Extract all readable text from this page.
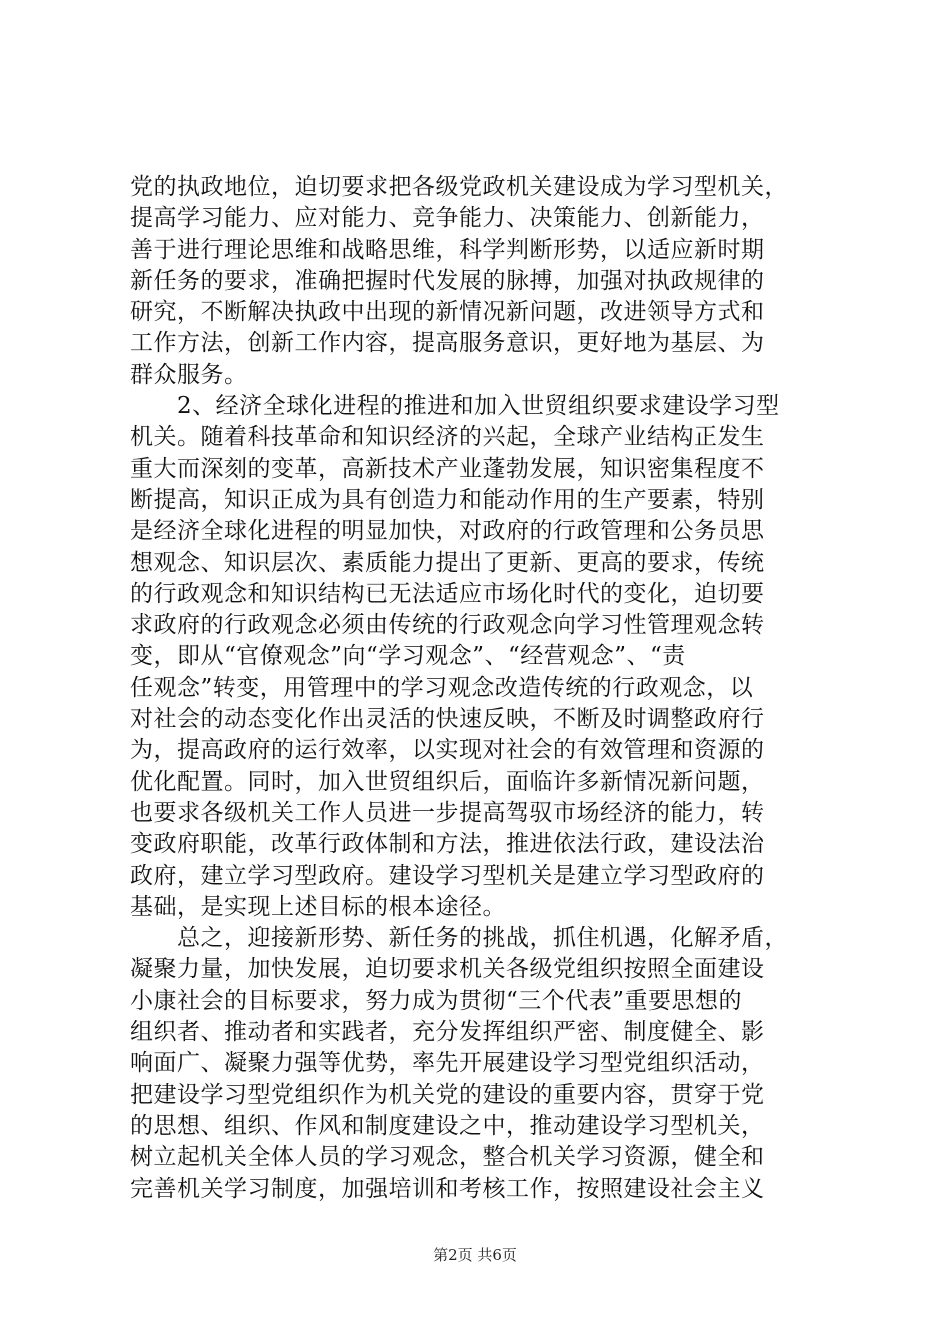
党的执政地位，迫切要求把各级党政机关建设成为学习型机关，
提高学习能力、应对能力、竞争能力、决策能力、创新能力，
善于进行理论思维和战略思维，科学判断形势，以适应新时期
新任务的要求，准确把握时代发展的脉搏，加强对执政规律的
研究，不断解决执政中出现的新情况新问题，改进领导方式和
工作方法，创新工作内容，提高服务意识，更好地为基层、为
群众服务。
　　2、经济全球化进程的推进和加入世贸组织要求建设学习型
机关。随着科技革命和知识经济的兴起，全球产业结构正发生
重大而深刻的变革，高新技术产业蓬勃发展，知识密集程度不
断提高，知识正成为具有创造力和能动作用的生产要素，特别
是经济全球化进程的明显加快，对政府的行政管理和公务员思
想观念、知识层次、素质能力提出了更新、更高的要求，传统
的行政观念和知识结构已无法适应市场化时代的变化，迫切要
求政府的行政观念必须由传统的行政观念向学习性管理观念转
变，即从“官僚观念”向“学习观念”、“经营观念”、“责
任观念”转变，用管理中的学习观念改造传统的行政观念，以
对社会的动态变化作出灵活的快速反映，不断及时调整政府行
为，提高政府的运行效率，以实现对社会的有效管理和资源的
优化配置。同时，加入世贸组织后，面临许多新情况新问题，
也要求各级机关工作人员进一步提高驾驭市场经济的能力，转
变政府职能，改革行政体制和方法，推进依法行政，建设法治
政府，建立学习型政府。建设学习型机关是建立学习型政府的
基础，是实现上述目标的根本途径。
　　总之，迎接新形势、新任务的挑战，抓住机遇，化解矛盾，
凝聚力量，加快发展，迫切要求机关各级党组织按照全面建设
小康社会的目标要求，努力成为贯彻“三个代表”重要思想的
组织者、推动者和实践者，充分发挥组织严密、制度健全、影
响面广、凝聚力强等优势，率先开展建设学习型党组织活动，
把建设学习型党组织作为机关党的建设的重要内容，贯穿于党
的思想、组织、作风和制度建设之中，推动建设学习型机关，
树立起机关全体人员的学习观念，整合机关学习资源，健全和
完善机关学习制度，加强培训和考核工作，按照建设社会主义
第2页 共6页
